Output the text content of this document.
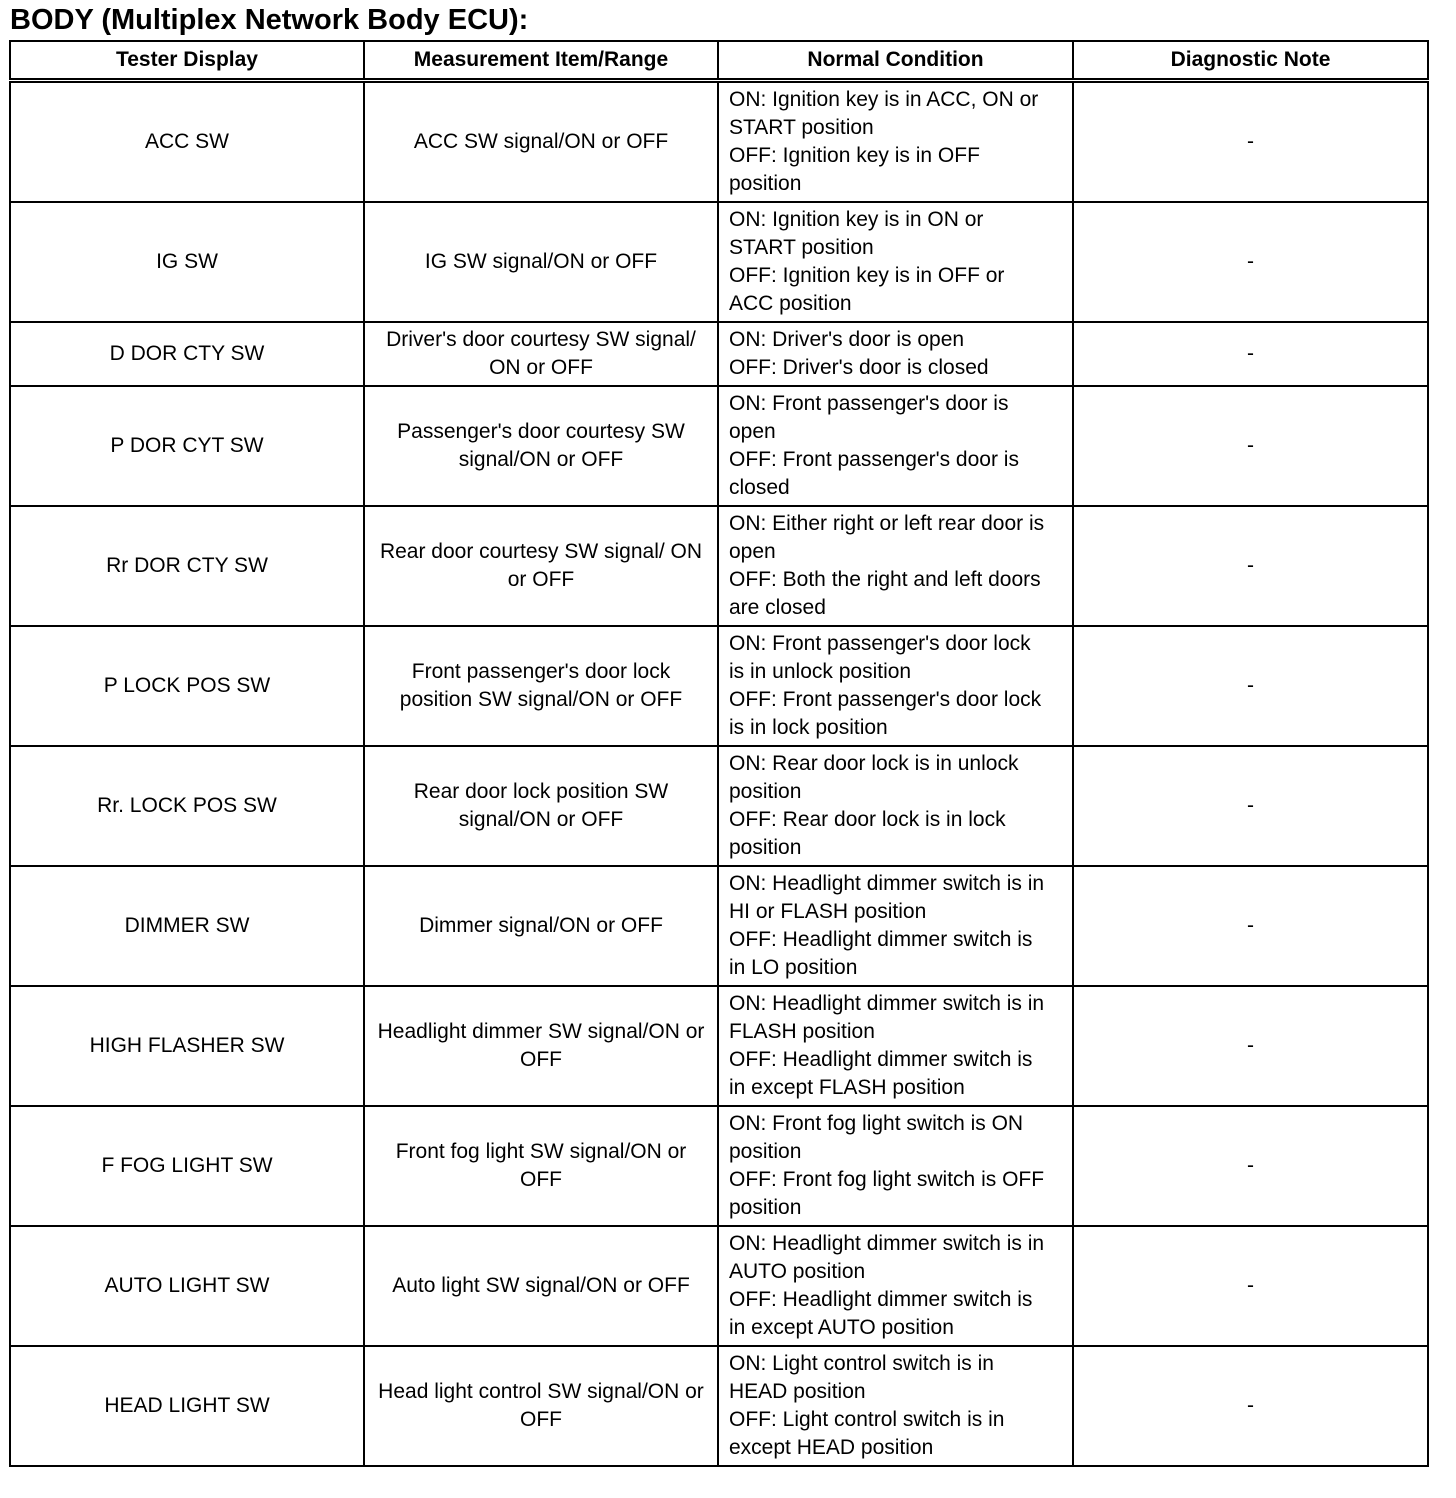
BODY (Multiplex Network Body ECU):
Tester Display	Measurement Item/Range	Normal Condition	Diagnostic Note
ACC SW	ACC SW signal/ON or OFF	ON: Ignition key is in ACC, ON or
START position
OFF: Ignition key is in OFF
position	-
IG SW	IG SW signal/ON or OFF	ON: Ignition key is in ON or
START position
OFF: Ignition key is in OFF or
ACC position	-
D DOR CTY SW	Driver's door courtesy SW signal/ ON or OFF	ON: Driver's door is open
OFF: Driver's door is closed	-
P DOR CYT SW	Passenger's door courtesy SW signal/ON or OFF	ON: Front passenger's door is
open
OFF: Front passenger's door is
closed	-
Rr DOR CTY SW	Rear door courtesy SW signal/ ON or OFF	ON: Either right or left rear door is
open
OFF: Both the right and left doors
are closed	-
P LOCK POS SW	Front passenger's door lock position SW signal/ON or OFF	ON: Front passenger's door lock
is in unlock position
OFF: Front passenger's door lock
is in lock position	-
Rr. LOCK POS SW	Rear door lock position SW signal/ON or OFF	ON: Rear door lock is in unlock
position
OFF: Rear door lock is in lock
position	-
DIMMER SW	Dimmer signal/ON or OFF	ON: Headlight dimmer switch is in
HI or FLASH position
OFF: Headlight dimmer switch is
in LO position	-
HIGH FLASHER SW	Headlight dimmer SW signal/ON or OFF	ON: Headlight dimmer switch is in
FLASH position
OFF: Headlight dimmer switch is
in except FLASH position	-
F FOG LIGHT SW	Front fog light SW signal/ON or OFF	ON: Front fog light switch is ON
position
OFF: Front fog light switch is OFF
position	-
AUTO LIGHT SW	Auto light SW signal/ON or OFF	ON: Headlight dimmer switch is in
AUTO position
OFF: Headlight dimmer switch is
in except AUTO position	-
HEAD LIGHT SW	Head light control SW signal/ON or OFF	ON: Light control switch is in
HEAD position
OFF: Light control switch is in
except HEAD position	-
